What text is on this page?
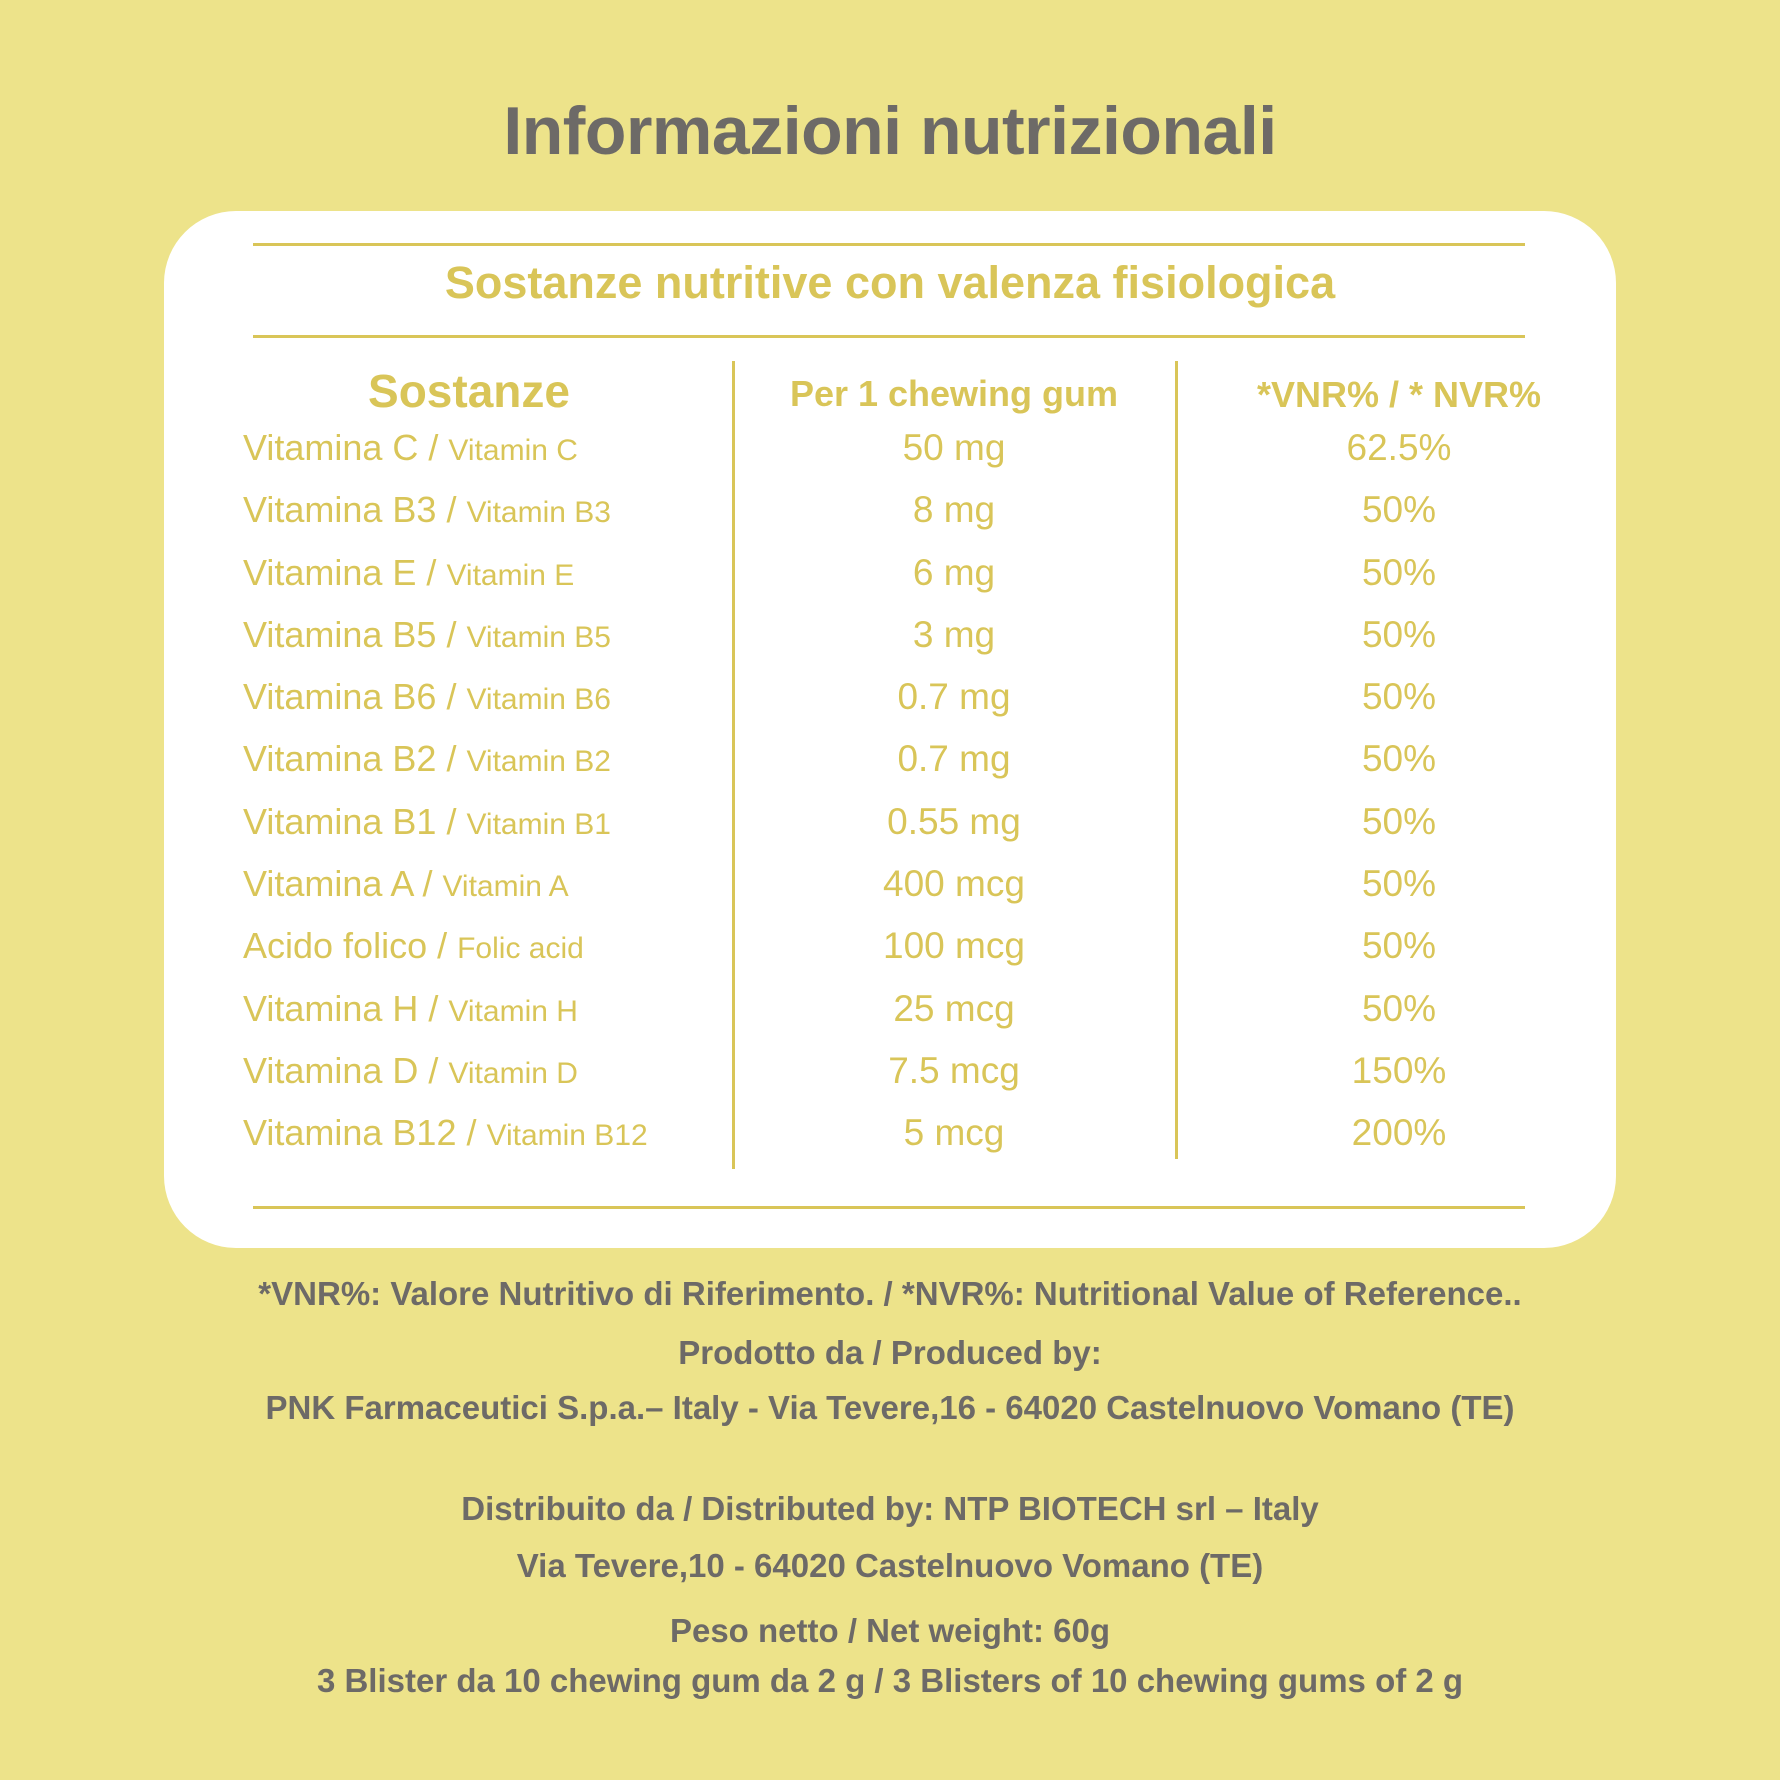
Informazioni nutrizionali
Sostanze nutritive con valenza fisiologica
Sostanze	Per 1 chewing gum	*VNR% / * NVR%
Vitamina C / Vitamin C	50 mg	62.5%
Vitamina B3 / Vitamin B3	8 mg	50%
Vitamina E / Vitamin E	6 mg	50%
Vitamina B5 / Vitamin B5	3 mg	50%
Vitamina B6 / Vitamin B6	0.7 mg	50%
Vitamina B2 / Vitamin B2	0.7 mg	50%
Vitamina B1 / Vitamin B1	0.55 mg	50%
Vitamina A / Vitamin A	400 mcg	50%
Acido folico / Folic acid	100 mcg	50%
Vitamina H / Vitamin H	25 mcg	50%
Vitamina D / Vitamin D	7.5 mcg	150%
Vitamina B12 / Vitamin B12	5 mcg	200%

*VNR%: Valore Nutritivo di Riferimento. / *NVR%: Nutritional Value of Reference..

Prodotto da / Produced by:

PNK Farmaceutici S.p.a.– Italy - Via Tevere,16 - 64020 Castelnuovo Vomano (TE)

Distribuito da / Distributed by: NTP BIOTECH srl – Italy

Via Tevere,10 - 64020 Castelnuovo Vomano (TE)

Peso netto / Net weight: 60g

3 Blister da 10 chewing gum da 2 g / 3 Blisters of 10 chewing gums of 2 g
